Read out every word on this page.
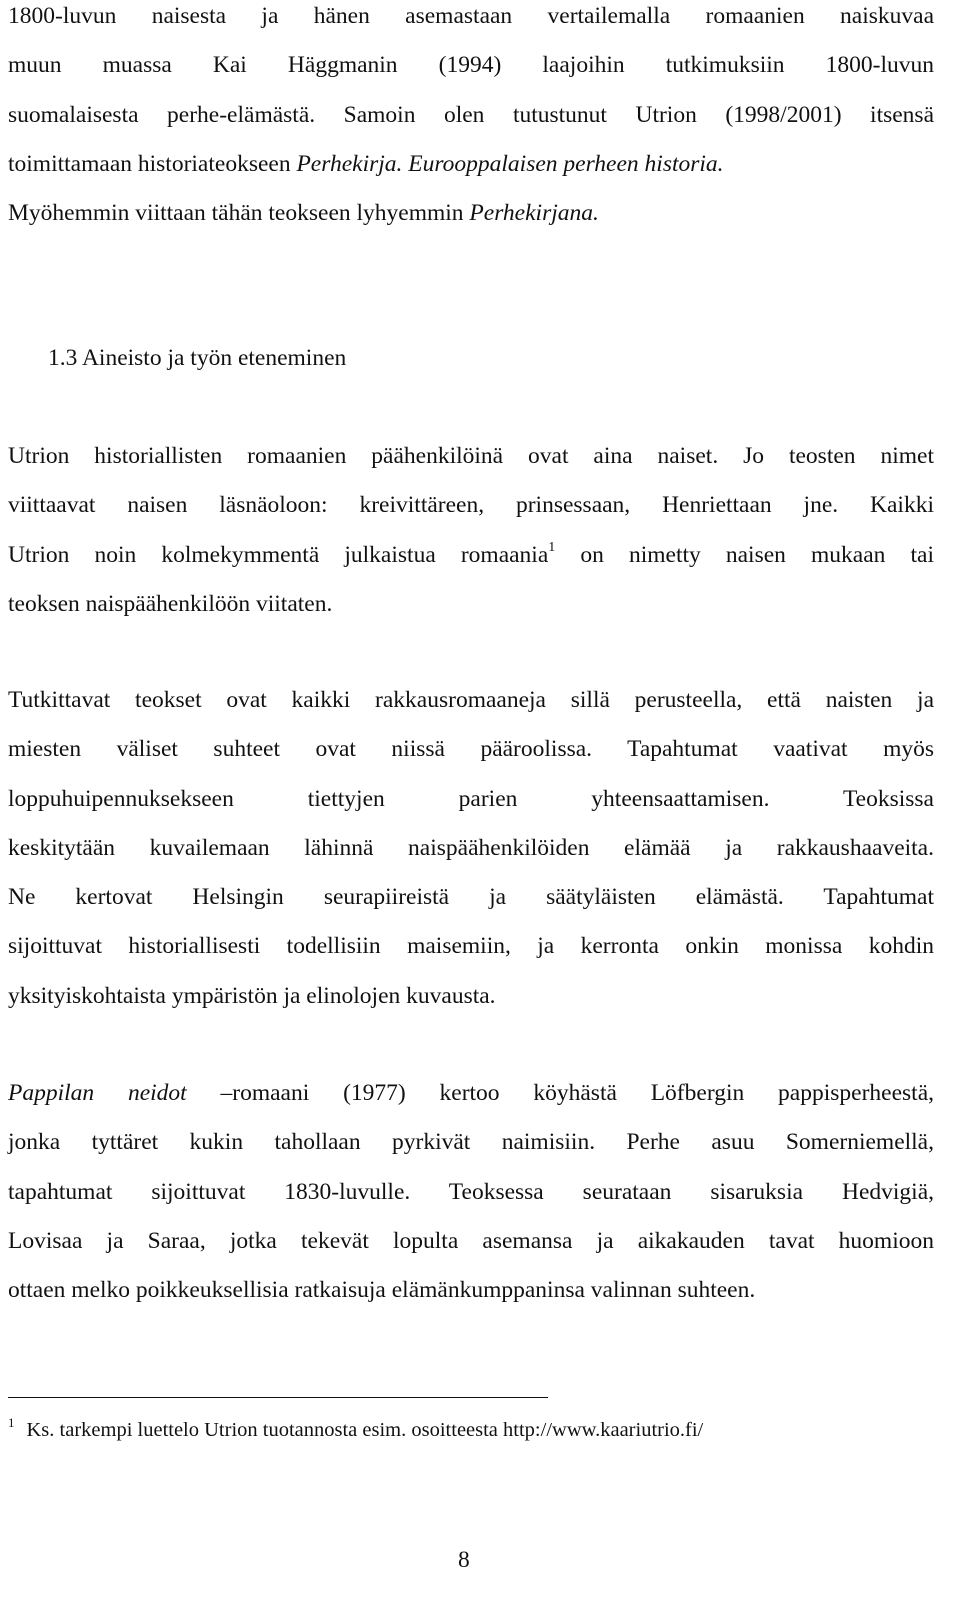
1800-luvun naisesta ja hänen asemastaan vertailemalla romaanien naiskuvaa
muun muassa Kai Häggmanin (1994) laajoihin tutkimuksiin 1800-luvun
suomalaisesta perhe-elämästä. Samoin olen tutustunut Utrion (1998/2001) itsensä
toimittamaan historiateokseen Perhekirja. Eurooppalaisen perheen historia.
Myöhemmin viittaan tähän teokseen lyhyemmin Perhekirjana.
1.3 Aineisto ja työn eteneminen
Utrion historiallisten romaanien päähenkilöinä ovat aina naiset. Jo teosten nimet
viittaavat naisen läsnäoloon: kreivittäreen, prinsessaan, Henriettaan jne. Kaikki
Utrion noin kolmekymmentä julkaistua romaania$^1$ on nimetty naisen mukaan tai
teoksen naispäähenkilöön viitaten.
Tutkittavat teokset ovat kaikki rakkausromaaneja sillä perusteella, että naisten ja
miesten väliset suhteet ovat niissä pääroolissa. Tapahtumat vaativat myös
loppuhuipennuksekseen tiettyjen parien yhteensaattamisen. Teoksissa
keskitytään kuvailemaan lähinnä naispäähenkilöiden elämää ja rakkaushaaveita.
Ne kertovat Helsingin seurapiireistä ja säätyläisten elämästä. Tapahtumat
sijoittuvat historiallisesti todellisiin maisemiin, ja kerronta onkin monissa kohdin
yksityiskohtaista ympäristön ja elinolojen kuvausta.
Pappilan neidot –romaani (1977) kertoo köyhästä Löfbergin pappisperheestä,
jonka tyttäret kukin tahollaan pyrkivät naimisiin. Perhe asuu Somerniemellä,
tapahtumat sijoittuvat 1830-luvulle. Teoksessa seurataan sisaruksia Hedvigiä,
Lovisaa ja Saraa, jotka tekevät lopulta asemansa ja aikakauden tavat huomioon
ottaen melko poikkeuksellisia ratkaisuja elämänkumppaninsa valinnan suhteen.
$^1$ Ks. tarkempi luettelo Utrion tuotannosta esim. osoitteesta http://www.kaariutrio.fi/
8
